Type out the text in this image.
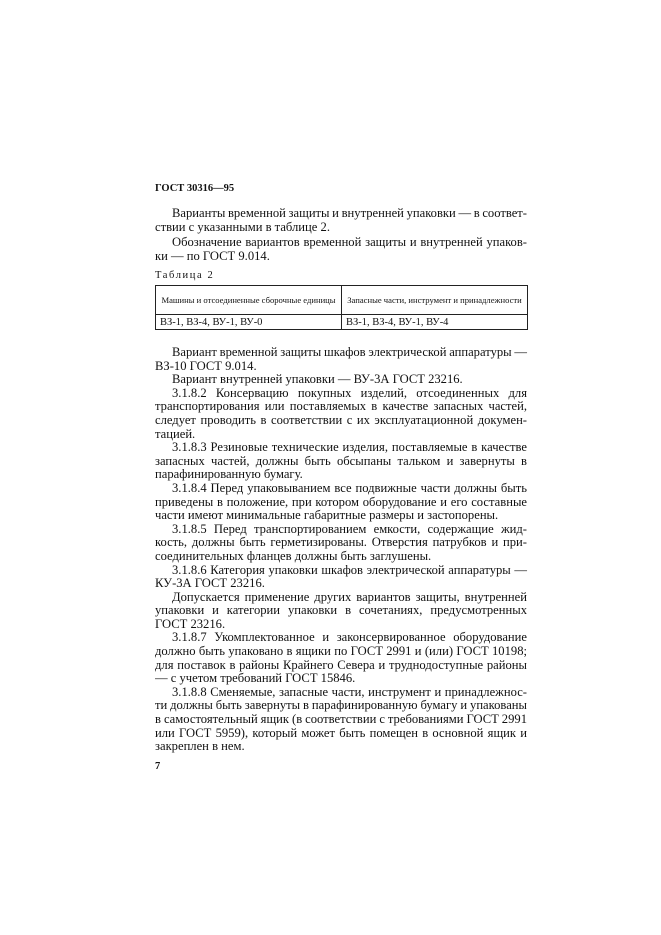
ГОСТ 30316—95
Варианты временной защиты и внутренней упаковки — в соответ-
ствии с указанными в таблице 2.
Обозначение вариантов временной защиты и внутренней упаков-
ки — по ГОСТ 9.014.
Таблица 2
Машины и отсоединенные сборочные единицы	Запасные части, инструмент и принадлежности
ВЗ-1, ВЗ-4, ВУ-1, ВУ-0	ВЗ-1, ВЗ-4, ВУ-1, ВУ-4
Вариант временной защиты шкафов электрической аппаратуры —
ВЗ-10 ГОСТ 9.014.
Вариант внутренней упаковки — ВУ-3А ГОСТ 23216.
3.1.8.2 Консервацию покупных изделий, отсоединенных для
транспортирования или поставляемых в качестве запасных частей,
следует проводить в соответствии с их эксплуатационной докумен-
тацией.
3.1.8.3 Резиновые технические изделия, поставляемые в качестве
запасных частей, должны быть обсыпаны тальком и завернуты в
парафинированную бумагу.
3.1.8.4 Перед упаковыванием все подвижные части должны быть
приведены в положение, при котором оборудование и его составные
части имеют минимальные габаритные размеры и застопорены.
3.1.8.5 Перед транспортированием емкости, содержащие жид-
кость, должны быть герметизированы. Отверстия патрубков и при-
соединительных фланцев должны быть заглушены.
3.1.8.6 Категория упаковки шкафов электрической аппаратуры —
КУ-3А ГОСТ 23216.
Допускается применение других вариантов защиты, внутренней
упаковки и категории упаковки в сочетаниях, предусмотренных
ГОСТ 23216.
3.1.8.7 Укомплектованное и законсервированное оборудование
должно быть упаковано в ящики по ГОСТ 2991 и (или) ГОСТ 10198;
для поставок в районы Крайнего Севера и труднодоступные районы
— с учетом требований ГОСТ 15846.
3.1.8.8 Сменяемые, запасные части, инструмент и принадлежнос-
ти должны быть завернуты в парафинированную бумагу и упакованы
в самостоятельный ящик (в соответствии с требованиями ГОСТ 2991
или ГОСТ 5959), который может быть помещен в основной ящик и
закреплен в нем.
7
